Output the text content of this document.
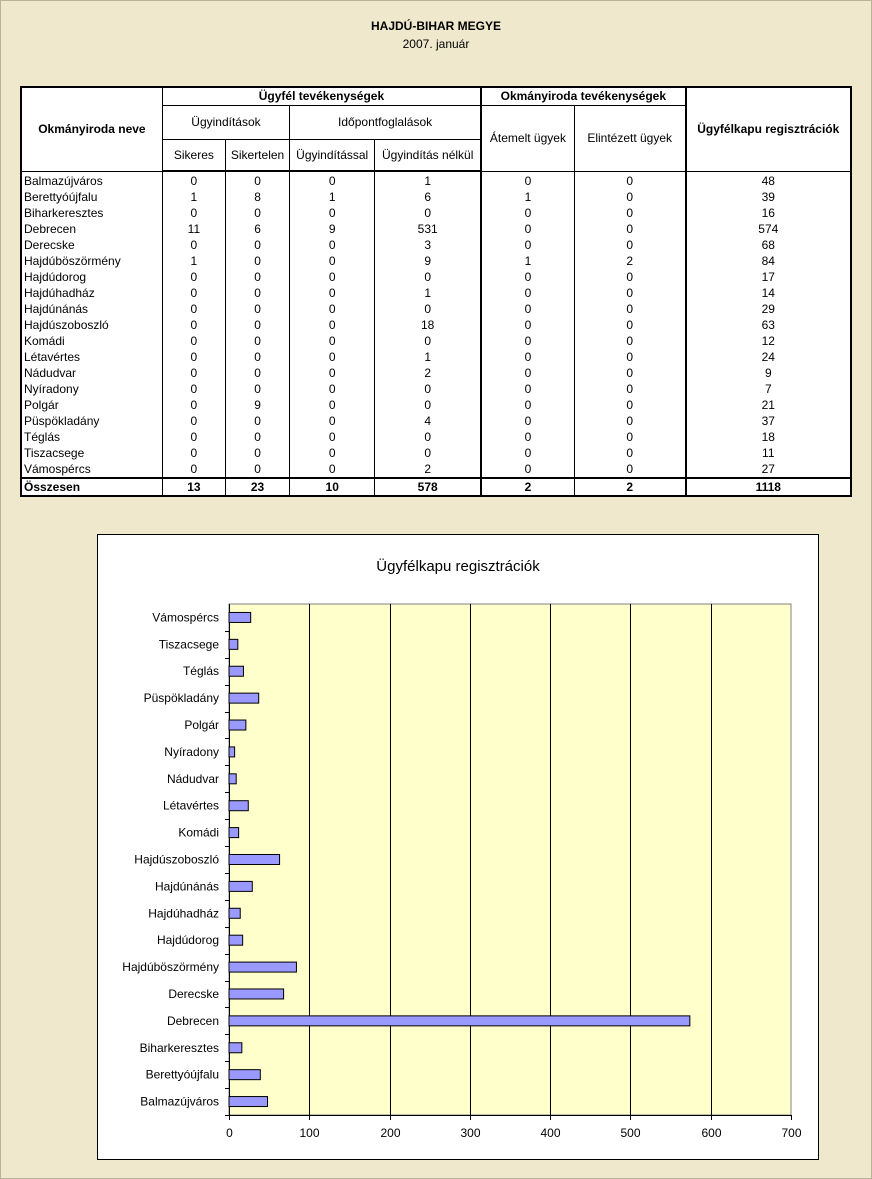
HAJDÚ-BIHAR MEGYE
2007. január
Okmányiroda neve	Ügyfél tevékenységek				Okmányiroda tevékenységek		Ügyfélkapu regisztrációk
	Ügyindítások		Időpontfoglalások		Átemelt ügyek	Elintézett ügyek	
	Sikeres	Sikertelen	Ügyindítással	Ügyindítás nélkül			
Balmazújváros	0	0	0	1	0	0	48
Berettyóújfalu	1	8	1	6	1	0	39
Biharkeresztes	0	0	0	0	0	0	16
Debrecen	11	6	9	531	0	0	574
Derecske	0	0	0	3	0	0	68
Hajdúböszörmény	1	0	0	9	1	2	84
Hajdúdorog	0	0	0	0	0	0	17
Hajdúhadház	0	0	0	1	0	0	14
Hajdúnánás	0	0	0	0	0	0	29
Hajdúszoboszló	0	0	0	18	0	0	63
Komádi	0	0	0	0	0	0	12
Létavértes	0	0	0	1	0	0	24
Nádudvar	0	0	0	2	0	0	9
Nyíradony	0	0	0	0	0	0	7
Polgár	0	9	0	0	0	0	21
Püspökladány	0	0	0	4	0	0	37
Téglás	0	0	0	0	0	0	18
Tiszacsege	0	0	0	0	0	0	11
Vámospércs	0	0	0	2	0	0	27
Összesen	13	23	10	578	2	2	1118
Ügyfélkapu regisztrációk
0	100	200	300	400	500	600	700
Balmazújváros
Berettyóújfalu
Biharkeresztes
Debrecen
Derecske
Hajdúböszörmény
Hajdúdorog
Hajdúhadház
Hajdúnánás
Hajdúszoboszló
Komádi
Létavértes
Nádudvar
Nyíradony
Polgár
Püspökladány
Téglás
Tiszacsege
Vámospércs
